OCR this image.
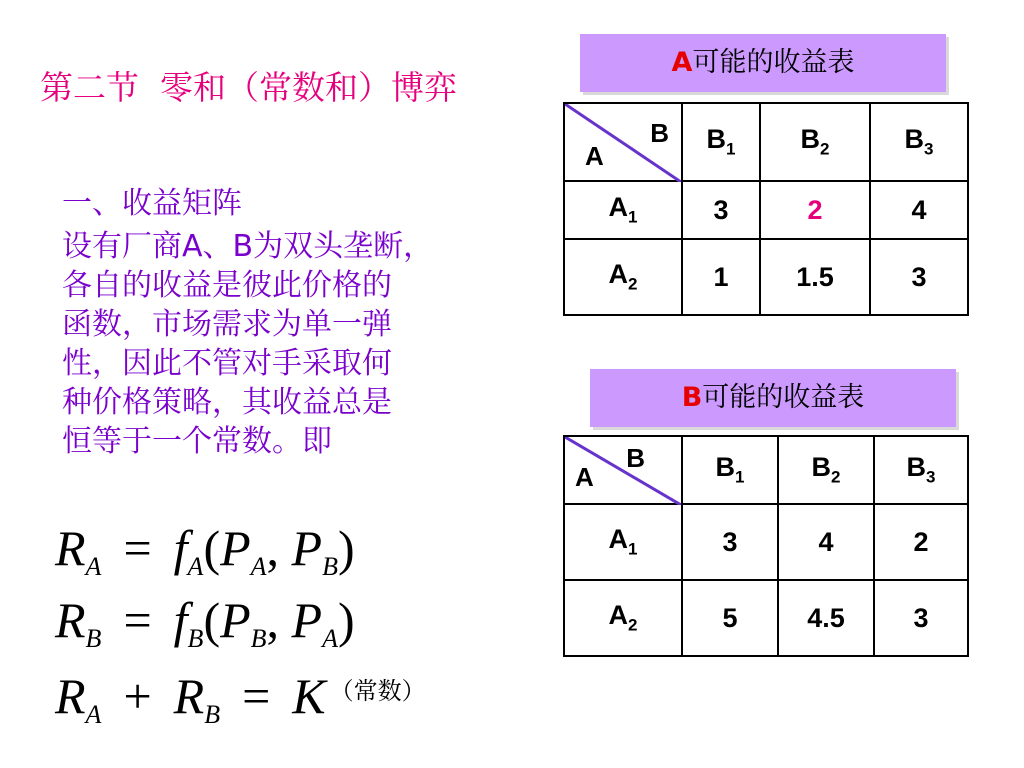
第二节  零和（常数和）博弈
一、收益矩阵
设有厂商A、B为双头垄断，
各自的收益是彼此价格的
函数，市场需求为单一弹
性，因此不管对手采取何
种价格策略，其收益总是
恒等于一个常数。即
$R_A = f_A(P_A$, $P_B$)
$R_B = f_B(P_B$, $P_A$)
$R_A + R_B = K$ $^{(常数)}$
A可能的收益表
B
A	$B_1$	$B_2$	$B_3$
$A_1$	3	2	4
$A_2$	1	1.5	3
B可能的收益表
B
A	$B_1$	$B_2$	$B_3$
$A_1$	3	4	2
$A_2$	5	4.5	3
